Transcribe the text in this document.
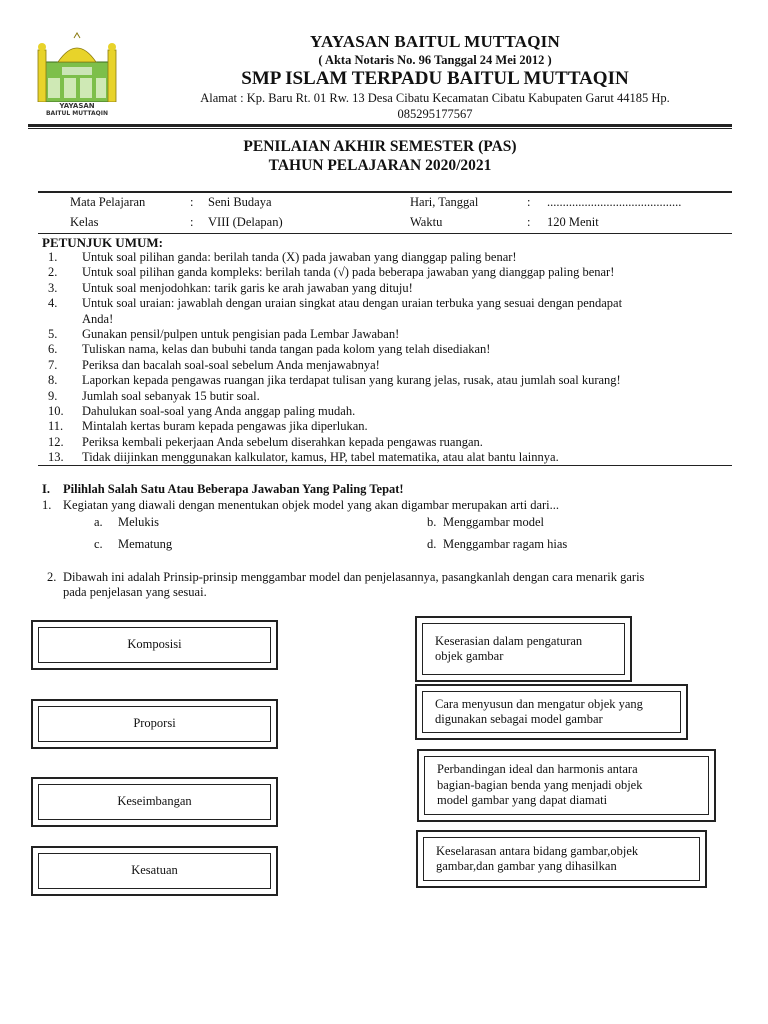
YAYASAN
BAITUL MUTTAQIN
YAYASAN BAITUL MUTTAQIN
( Akta Notaris No. 96 Tanggal 24 Mei 2012 )
SMP ISLAM TERPADU BAITUL MUTTAQIN
Alamat : Kp. Baru Rt. 01 Rw. 13 Desa Cibatu Kecamatan Cibatu Kabupaten Garut 44185 Hp.
085295177567
PENILAIAN AKHIR SEMESTER (PAS)
TAHUN PELAJARAN 2020/2021
Mata Pelajaran	: Seni Budaya	Hari, Tanggal	: ...........................................
Kelas	: VIII (Delapan)	Waktu	: 120 Menit
PETUNJUK UMUM:
1.	Untuk soal pilihan ganda: berilah tanda (X) pada jawaban yang dianggap paling benar!
2.	Untuk soal pilihan ganda kompleks: berilah tanda (√) pada beberapa jawaban yang dianggap paling benar!
3.	Untuk soal menjodohkan: tarik garis ke arah jawaban yang dituju!
4.	Untuk soal uraian: jawablah dengan uraian singkat atau dengan uraian terbuka yang sesuai dengan pendapat
Anda!
5.	Gunakan pensil/pulpen untuk pengisian pada Lembar Jawaban!
6.	Tuliskan nama, kelas dan bubuhi tanda tangan pada kolom yang telah disediakan!
7.	Periksa dan bacalah soal-soal sebelum Anda menjawabnya!
8.	Laporkan kepada pengawas ruangan jika terdapat tulisan yang kurang jelas, rusak, atau jumlah soal kurang!
9.	Jumlah soal sebanyak 15 butir soal.
10.	Dahulukan soal-soal yang Anda anggap paling mudah.
11.	Mintalah kertas buram kepada pengawas jika diperlukan.
12.	Periksa kembali pekerjaan Anda sebelum diserahkan kepada pengawas ruangan.
13.	Tidak diijinkan menggunakan kalkulator, kamus, HP, tabel matematika, atau alat bantu lainnya.
I. Pilihlah Salah Satu Atau Beberapa Jawaban Yang Paling Tepat!
1. Kegiatan yang diawali dengan menentukan objek model yang akan digambar merupakan arti dari...
a. Melukis	b. Menggambar model
c. Mematung	d. Menggambar ragam hias
2. Dibawah ini adalah Prinsip-prinsip menggambar model dan penjelasannya, pasangkanlah dengan cara menarik garis
pada penjelasan yang sesuai.
Komposisi
Proporsi
Keseimbangan
Kesatuan
Keserasian dalam pengaturan
objek gambar
Cara menyusun dan mengatur objek yang
digunakan sebagai model gambar
Perbandingan ideal dan harmonis antara
bagian-bagian benda yang menjadi objek
model gambar yang dapat diamati
Keselarasan antara bidang gambar,objek
gambar,dan gambar yang dihasilkan
